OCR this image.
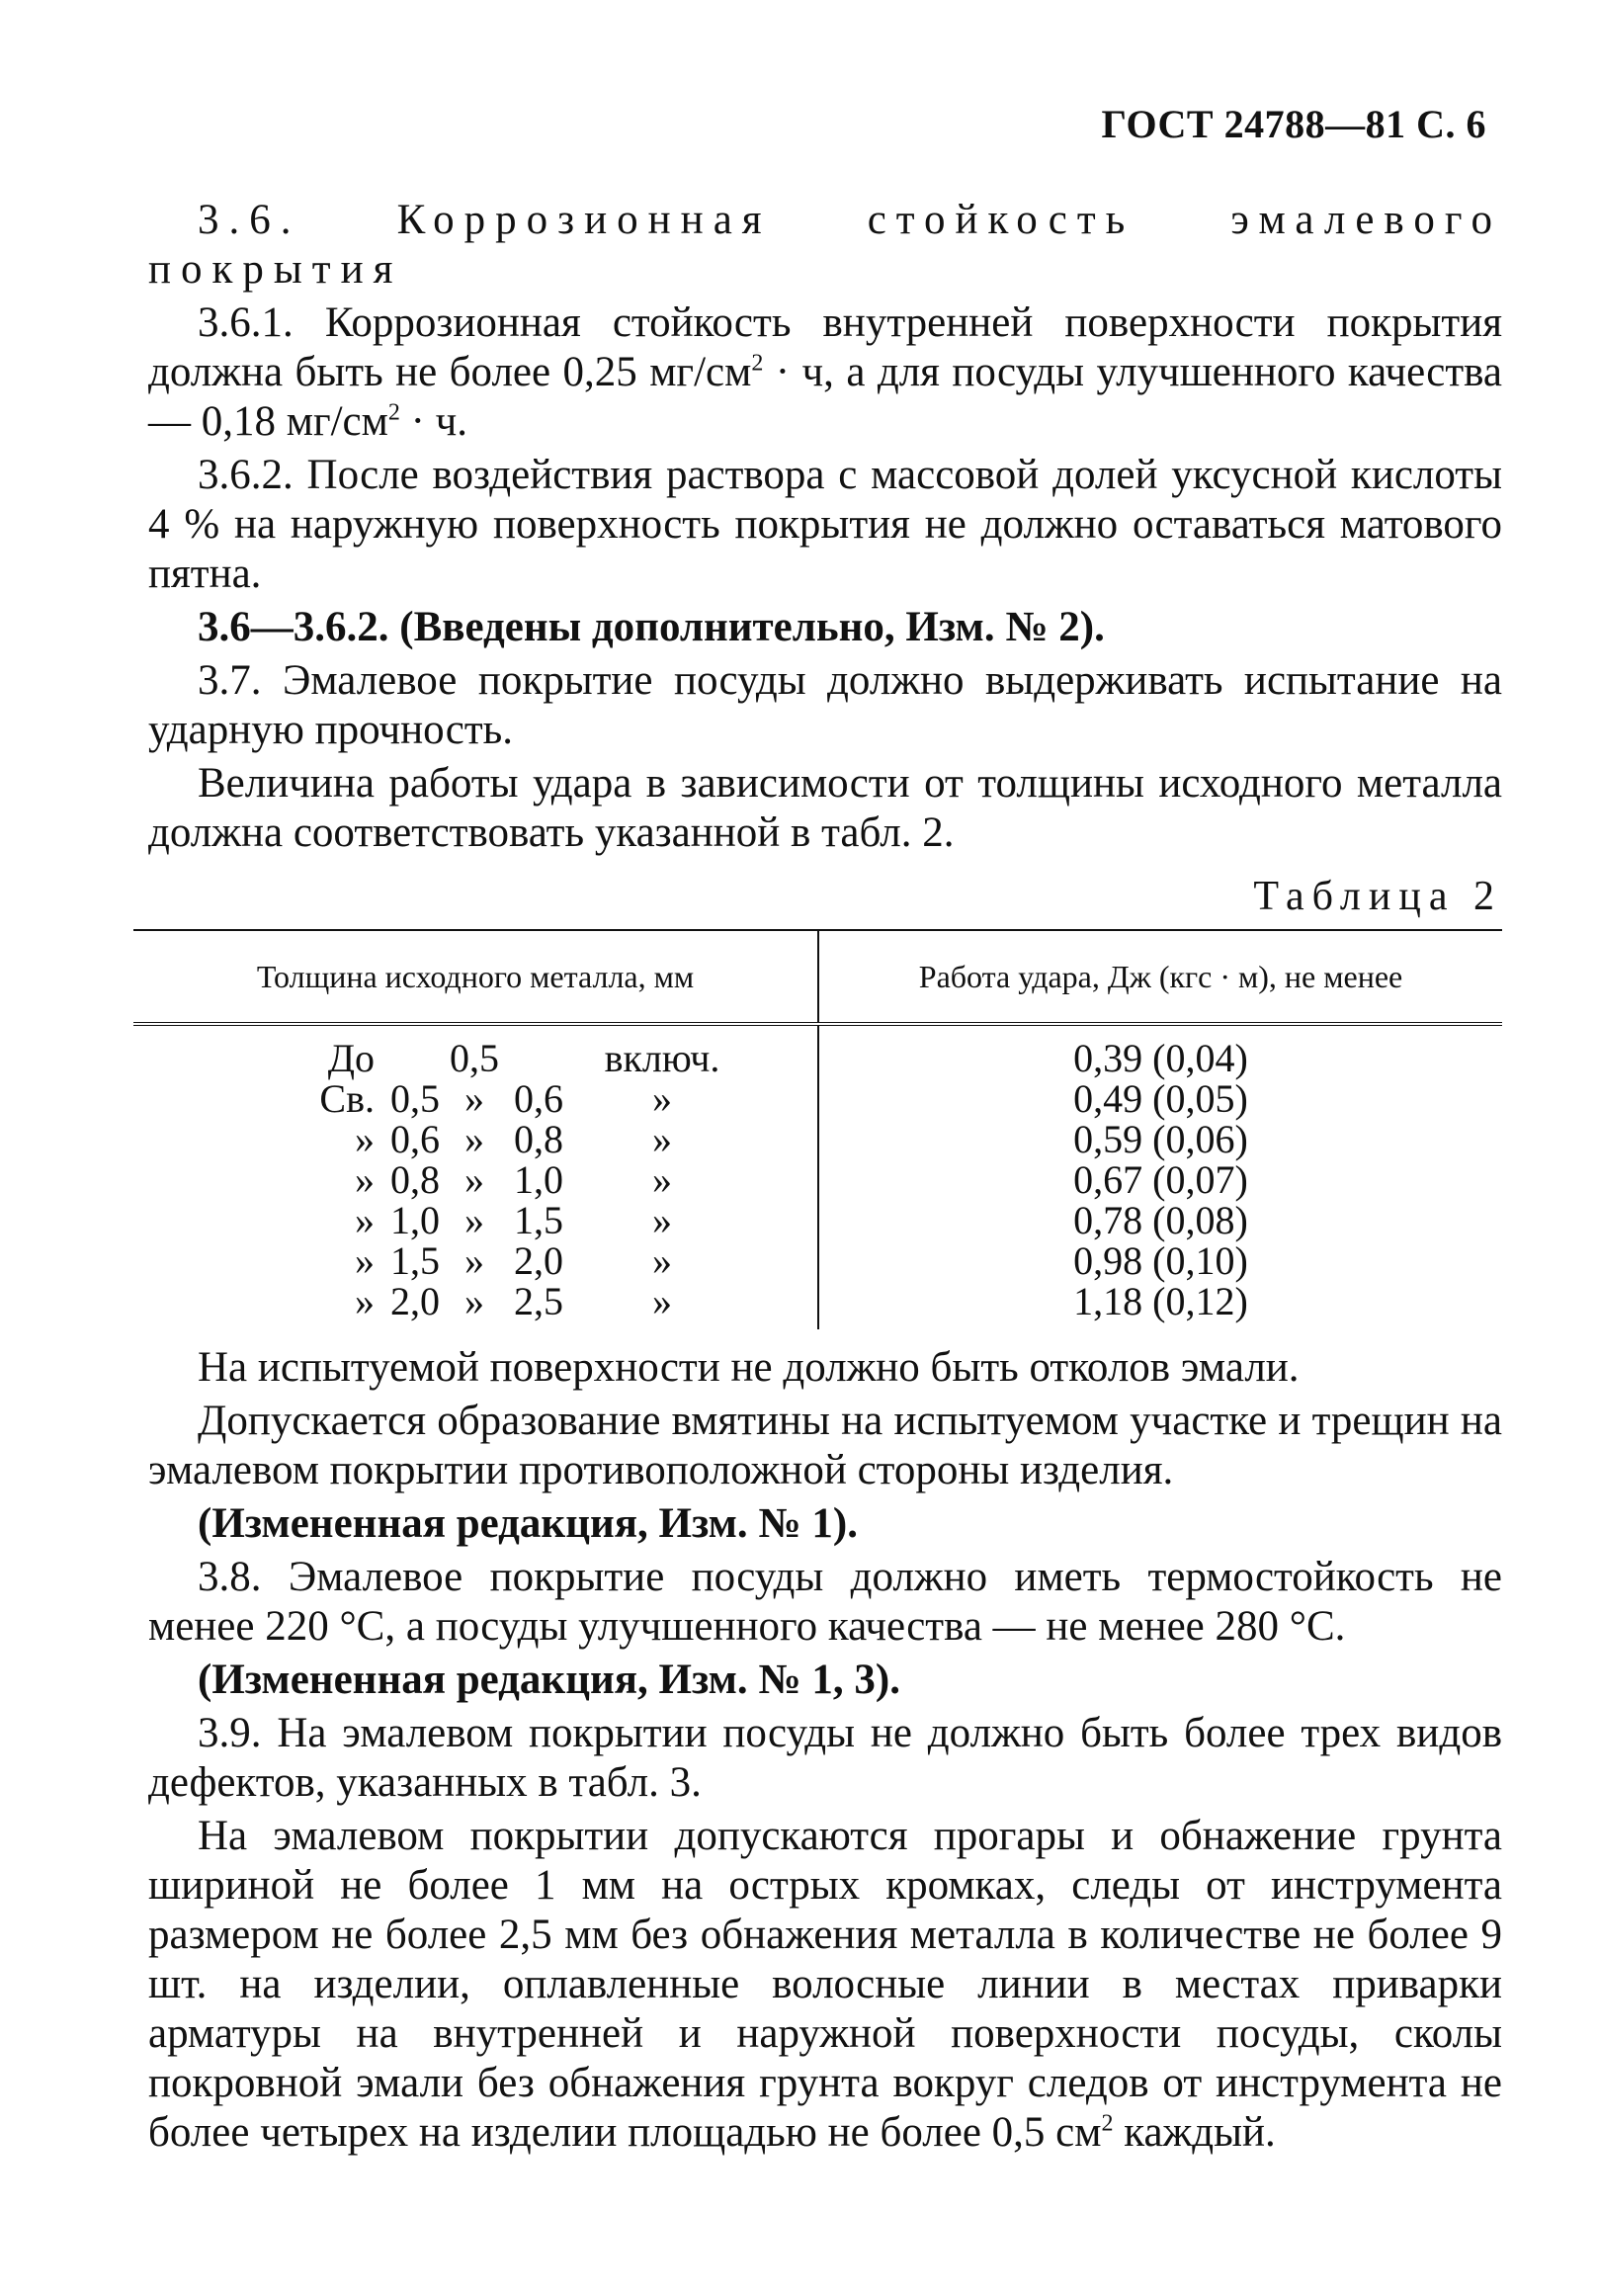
ГОСТ 24788—81 С. 6

3.6. Коррозионная стойкость эмалевого покрытия

3.6.1. Коррозионная стойкость внутренней поверхности покрытия должна быть не более 0,25 $мг/см^2 \cdot ч$, а для посуды улучшенного качества — 0,18 $мг/см^2 \cdot ч$.

3.6.2. После воздействия раствора с массовой долей уксусной кислоты 4 % на наружную поверхность покрытия не должно оставаться матового пятна.

3.6—3.6.2. (Введены дополнительно, Изм. № 2).

3.7. Эмалевое покрытие посуды должно выдерживать испытание на ударную прочность.

Величина работы удара в зависимости от толщины исходного металла должна соответствовать указанной в табл. 2.

Таблица 2
Толщина исходного металла, мм	Работа удара, Дж (кгс · м), не менее

До 0,5 включ.	0,39 (0,04)

Св. 0,5 » 0,6 »	0,49 (0,05)

» 0,6 » 0,8 »	0,59 (0,06)

» 0,8 » 1,0 »	0,67 (0,07)

» 1,0 » 1,5 »	0,78 (0,08)

» 1,5 » 2,0 »	0,98 (0,10)

» 2,0 » 2,5 »	1,18 (0,12)

На испытуемой поверхности не должно быть отколов эмали.

Допускается образование вмятины на испытуемом участке и трещин на эмалевом покрытии противоположной стороны изделия.

(Измененная редакция, Изм. № 1).

3.8. Эмалевое покрытие посуды должно иметь термостойкость не менее 220 °С, а посуды улучшенного качества — не менее 280 °С.

(Измененная редакция, Изм. № 1, 3).

3.9. На эмалевом покрытии посуды не должно быть более трех видов дефектов, указанных в табл. 3.

На эмалевом покрытии допускаются прогары и обнажение грунта шириной не более 1 мм на острых кромках, следы от инструмента размером не более 2,5 мм без обнажения металла в количестве не более 9 шт. на изделии, оплавленные волосные линии в местах приварки арматуры на внутренней и наружной поверхности посуды, сколы покровной эмали без обнажения грунта вокруг следов от инструмента не более четырех на изделии площадью не более 0,5 $см^2$ каждый.
